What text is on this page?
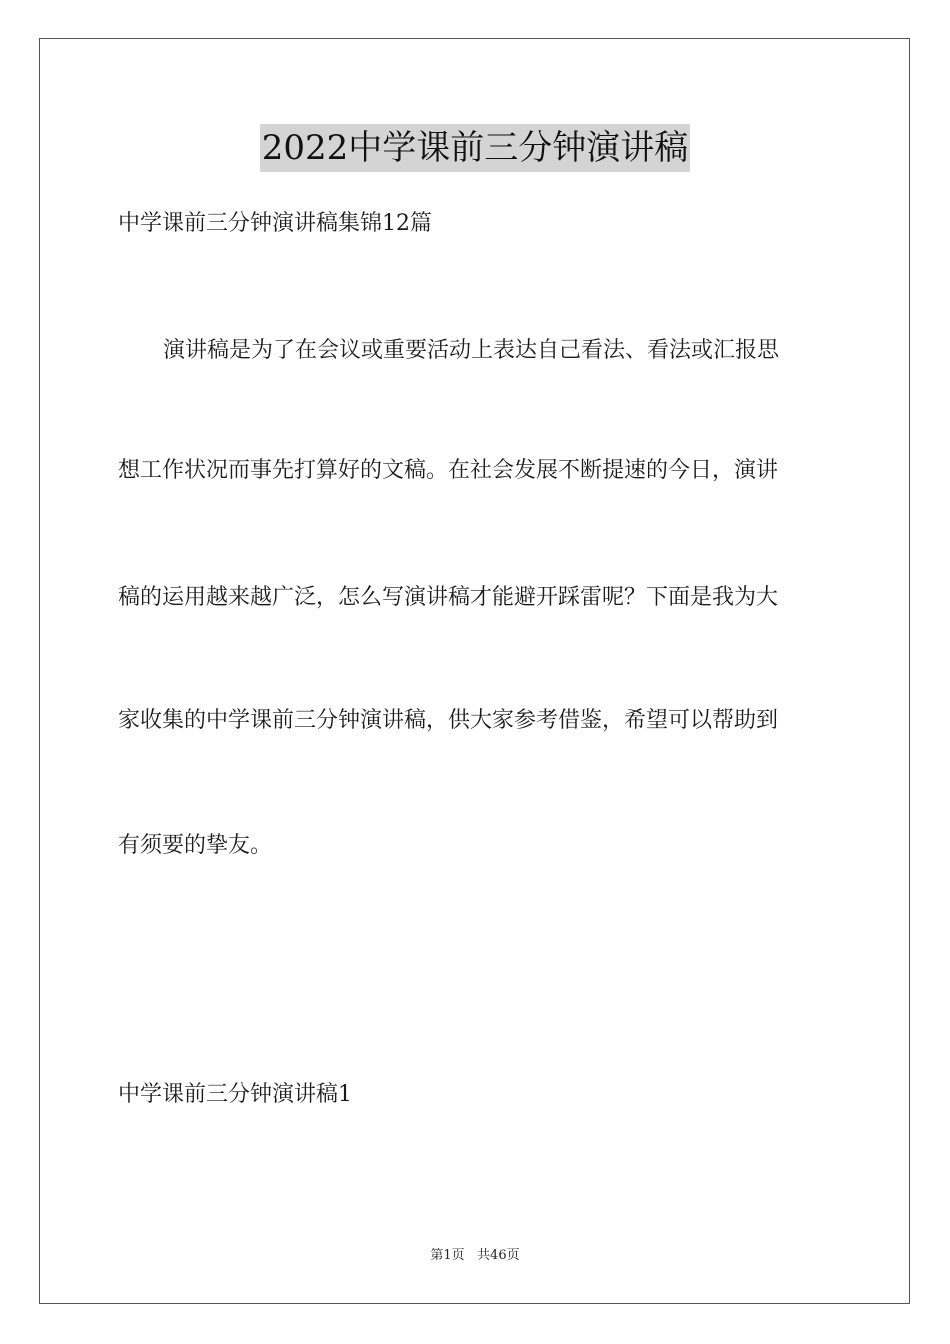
2022中学课前三分钟演讲稿
中学课前三分钟演讲稿集锦12篇
演讲稿是为了在会议或重要活动上表达自己看法、看法或汇报思
想工作状况而事先打算好的文稿。在社会发展不断提速的今日，演讲
稿的运用越来越广泛，怎么写演讲稿才能避开踩雷呢？下面是我为大
家收集的中学课前三分钟演讲稿，供大家参考借鉴，希望可以帮助到
有须要的挚友。
中学课前三分钟演讲稿1
第1页   共46页
